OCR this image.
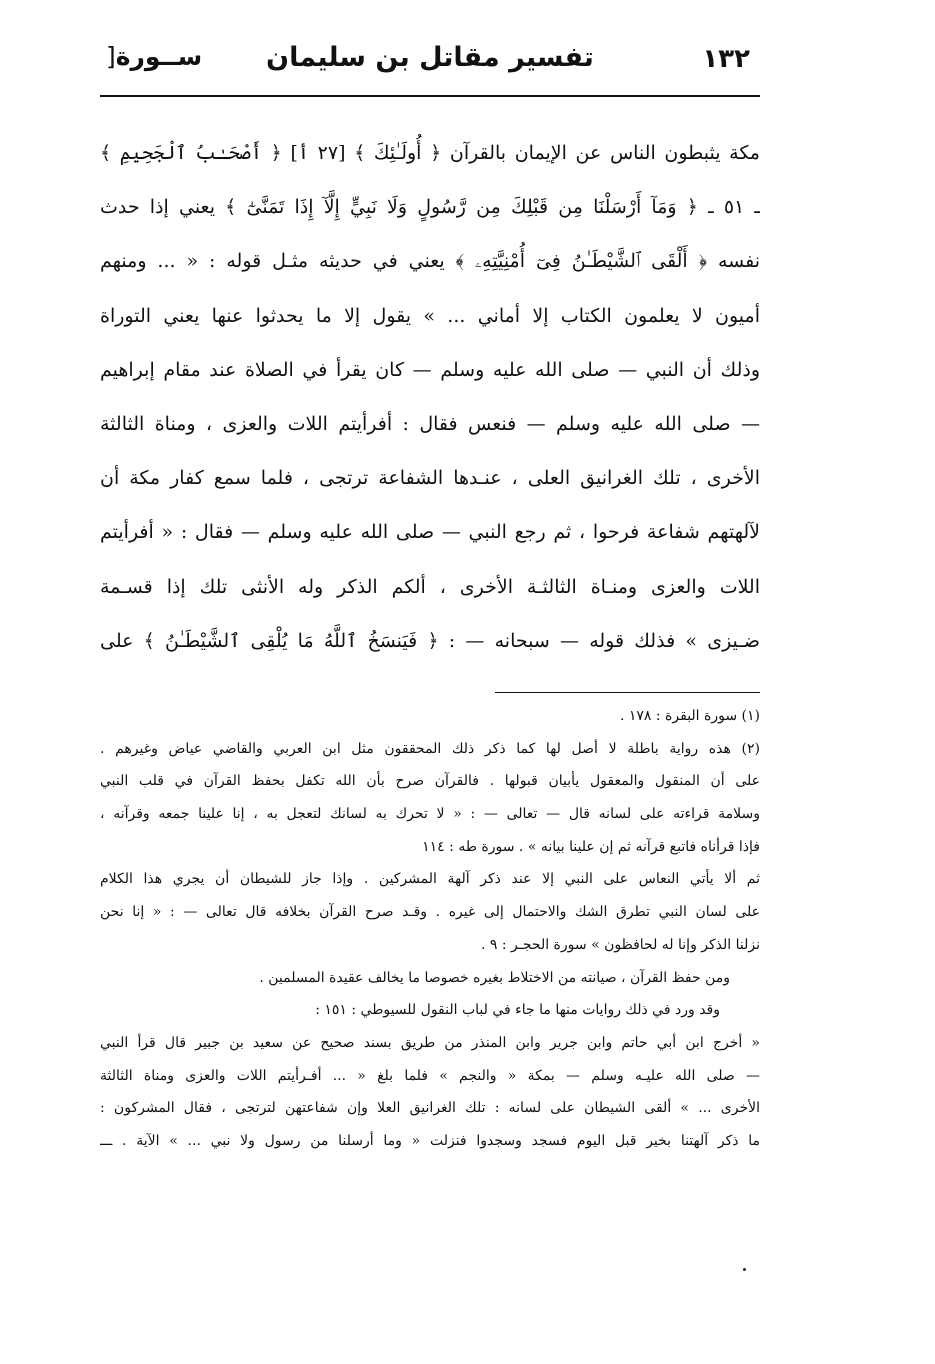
١٣٢
تفسير مقاتل بن سليمان
ســورة[
مكة يثبطون الناس عن الإيمان بالقرآن ﴿ أُولَـٰئِكَ ﴾ [٢٧ أ] ﴿ أَصْحَـٰبُ ٱلْجَحِيمِ ﴾
ـ ٥١ ـ ﴿ وَمَآ أَرْسَلْنَا مِن قَبْلِكَ مِن رَّسُولٍ وَلَا نَبِيٍّ إِلَّآ إِذَا تَمَنَّىٰٓ ﴾ يعني إذا حدث
نفسه ﴿ أَلْقَى ٱلشَّيْطَـٰنُ فِىٓ أُمْنِيَّتِهِۦ ﴾ يعني في حديثه مثـل قوله : « ... ومنهم
أميون لا يعلمون الكتاب إلا أماني ... » يقول إلا ما يحدثوا عنها يعني التوراة
وذلك أن النبي — صلى الله عليه وسلم — كان يقرأ في الصلاة عند مقام إبراهيم
— صلى الله عليه وسلم — فنعس فقال : أفرأيتم اللات والعزى ، ومناة الثالثة
الأخرى ، تلك الغرانيق العلى ، عنـدها الشفاعة ترتجى ، فلما سمع كفار مكة أن
لآلهتهم شفاعة فرحوا ، ثم رجع النبي — صلى الله عليه وسلم — فقال : « أفرأيتم
اللات والعزى ومنـاة الثالثـة الأخرى ، ألكم الذكر وله الأنثى تلك إذا قسـمة
ضـيزى » فذلك قوله — سبحانه — : ﴿ فَيَنسَخُ ٱللَّهُ مَا يُلْقِى ٱلشَّيْطَـٰنُ ﴾ على
(١) سورة البقرة : ١٧٨ .
(٢) هذه رواية باطلة لا أصل لها كما ذكر ذلك المحققون مثل ابن العربي والقاضي عياض وغيرهم .
على أن المنقول والمعقول يأبيان قبولها . فالقرآن صرح بأن الله تكفل بحفظ القرآن في قلب النبي
وسلامة قراءته على لسانه قال — تعالى — : « لا تحرك به لسانك لتعجل به ، إنا علينا جمعه وقرآنه ،
فإذا قرأناه فاتبع قرآنه ثم إن علينا بيانه » . سورة طه : ١١٤
ثم ألا يأتي النعاس على النبي إلا عند ذكر آلهة المشركين . وإذا جاز للشيطان أن يجري هذا الكلام
على لسان النبي تطرق الشك والاحتمال إلى غيره . وقـد صرح القرآن بخلافه قال تعالى — : « إنا نحن
نزلنا الذكر وإنا له لحافظون » سورة الحجـر : ٩ .
ومن حفظ القرآن ، صيانته من الاختلاط بغيره خصوصا ما يخالف عقيدة المسلمين .
وقد ورد في ذلك روايات منها ما جاء في لباب النقول للسيوطي : ١٥١ :
« أخرج ابن أبي حاتم وابن جرير وابن المنذر من طريق بسند صحيح عن سعيد بن جبير قال قرأ النبي
— صلى الله عليـه وسلم — بمكة « والنجم » فلما بلغ « ... أفـرأيتم اللات والعزى ومناة الثالثة
الأخرى ... » ألقى الشيطان على لسانه : تلك الغرانيق العلا وإن شفاعتهن لترتجى ، فقال المشركون :
ما ذكر آلهتنا بخير قبل اليوم فسجد وسجدوا فنزلت « وما أرسلنا من رسول ولا نبي ... » الآية . ـــ
